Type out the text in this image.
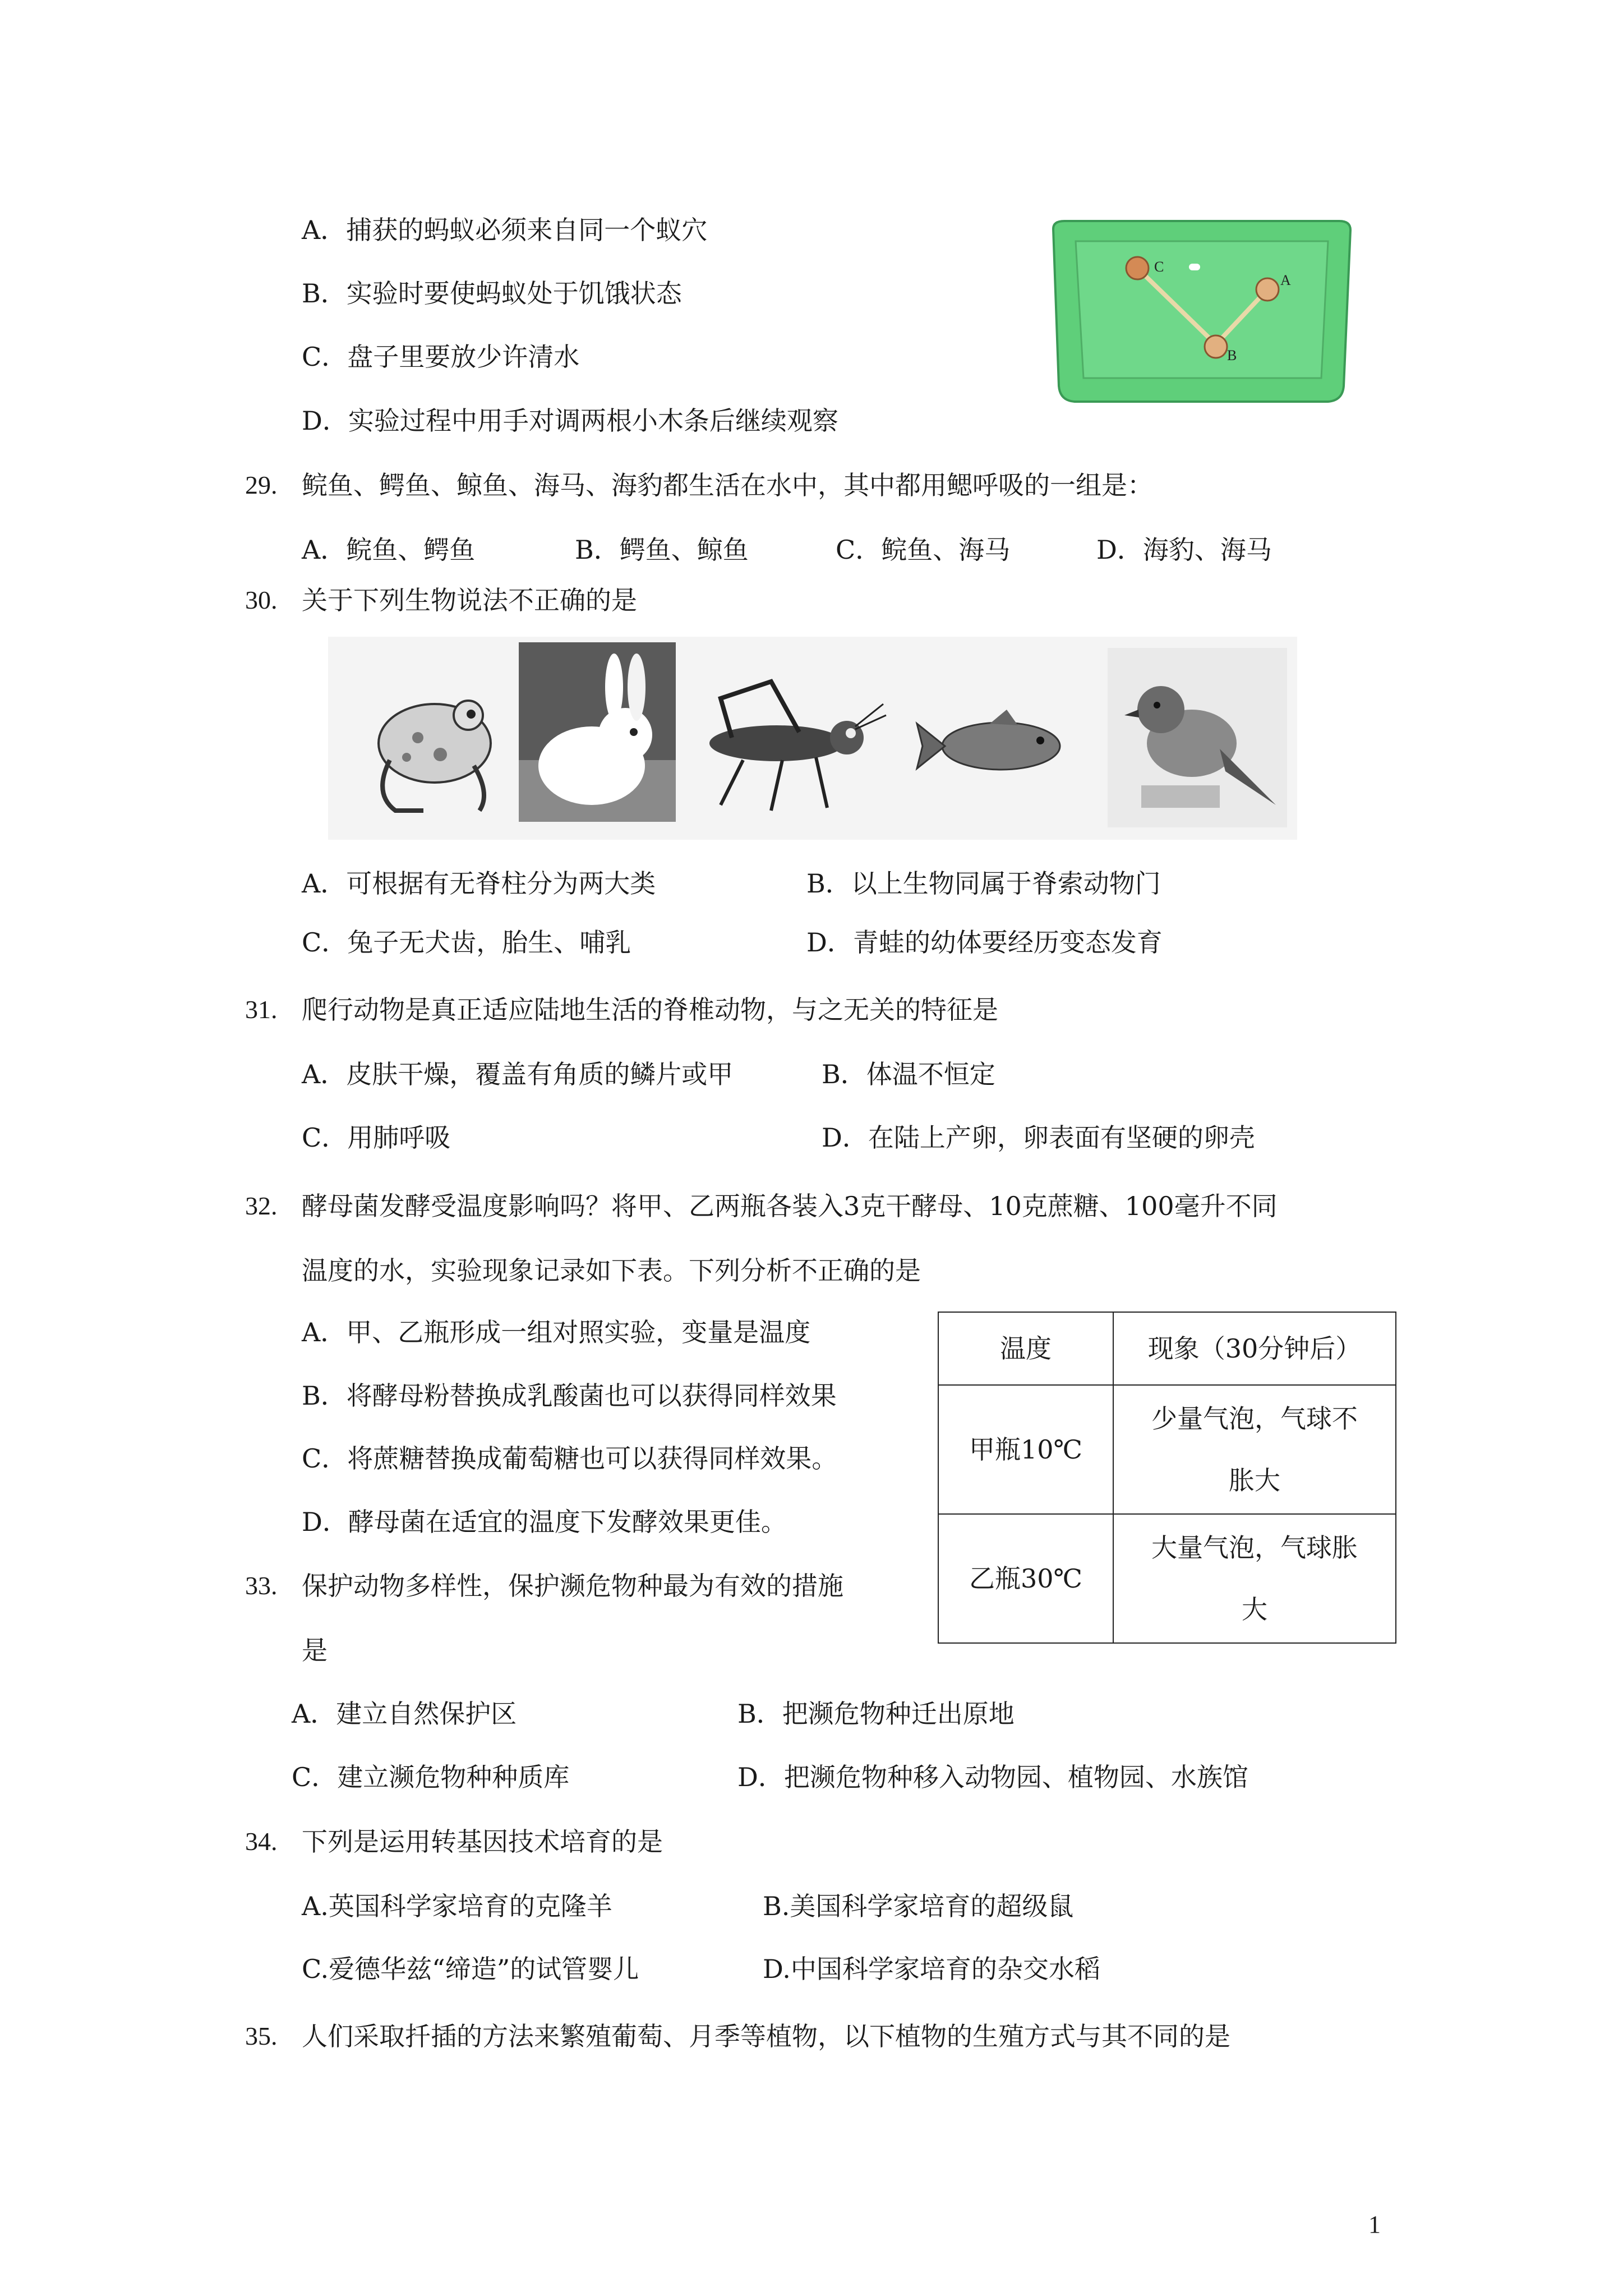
A．捕获的蚂蚁必须来自同一个蚁穴
B．实验时要使蚂蚁处于饥饿状态
C．盘子里要放少许清水
D．实验过程中用手对调两根小木条后继续观察
A
B
C
29. 鲩鱼、鳄鱼、鲸鱼、海马、海豹都生活在水中，其中都用鳃呼吸的一组是：
A．鲩鱼、鳄鱼	B．鳄鱼、鲸鱼	C．鲩鱼、海马	D．海豹、海马
30. 关于下列生物说法不正确的是
A．可根据有无脊柱分为两大类	B．以上生物同属于脊索动物门
C．兔子无犬齿，胎生、哺乳	D．青蛙的幼体要经历变态发育
31. 爬行动物是真正适应陆地生活的脊椎动物，与之无关的特征是
A．皮肤干燥，覆盖有角质的鳞片或甲	B．体温不恒定
C．用肺呼吸	D．在陆上产卵，卵表面有坚硬的卵壳
32. 酵母菌发酵受温度影响吗？将甲、乙两瓶各装入3克干酵母、10克蔗糖、100毫升不同
温度的水，实验现象记录如下表。下列分析不正确的是
A．甲、乙瓶形成一组对照实验，变量是温度
B．将酵母粉替换成乳酸菌也可以获得同样效果
C．将蔗糖替换成葡萄糖也可以获得同样效果。
D．酵母菌在适宜的温度下发酵效果更佳。
温度	现象（30分钟后）
甲瓶10℃	少量气泡，气球不
胀大

乙瓶30℃	大量气泡，气球胀
大
33. 保护动物多样性，保护濒危物种最为有效的措施
是
A．建立自然保护区	B．把濒危物种迁出原地
C．建立濒危物种种质库	D．把濒危物种移入动物园、植物园、水族馆
34. 下列是运用转基因技术培育的是
A.英国科学家培育的克隆羊	B.美国科学家培育的超级鼠
C.爱德华兹“缔造”的试管婴儿	D.中国科学家培育的杂交水稻
35. 人们采取扦插的方法来繁殖葡萄、月季等植物，以下植物的生殖方式与其不同的是
1
